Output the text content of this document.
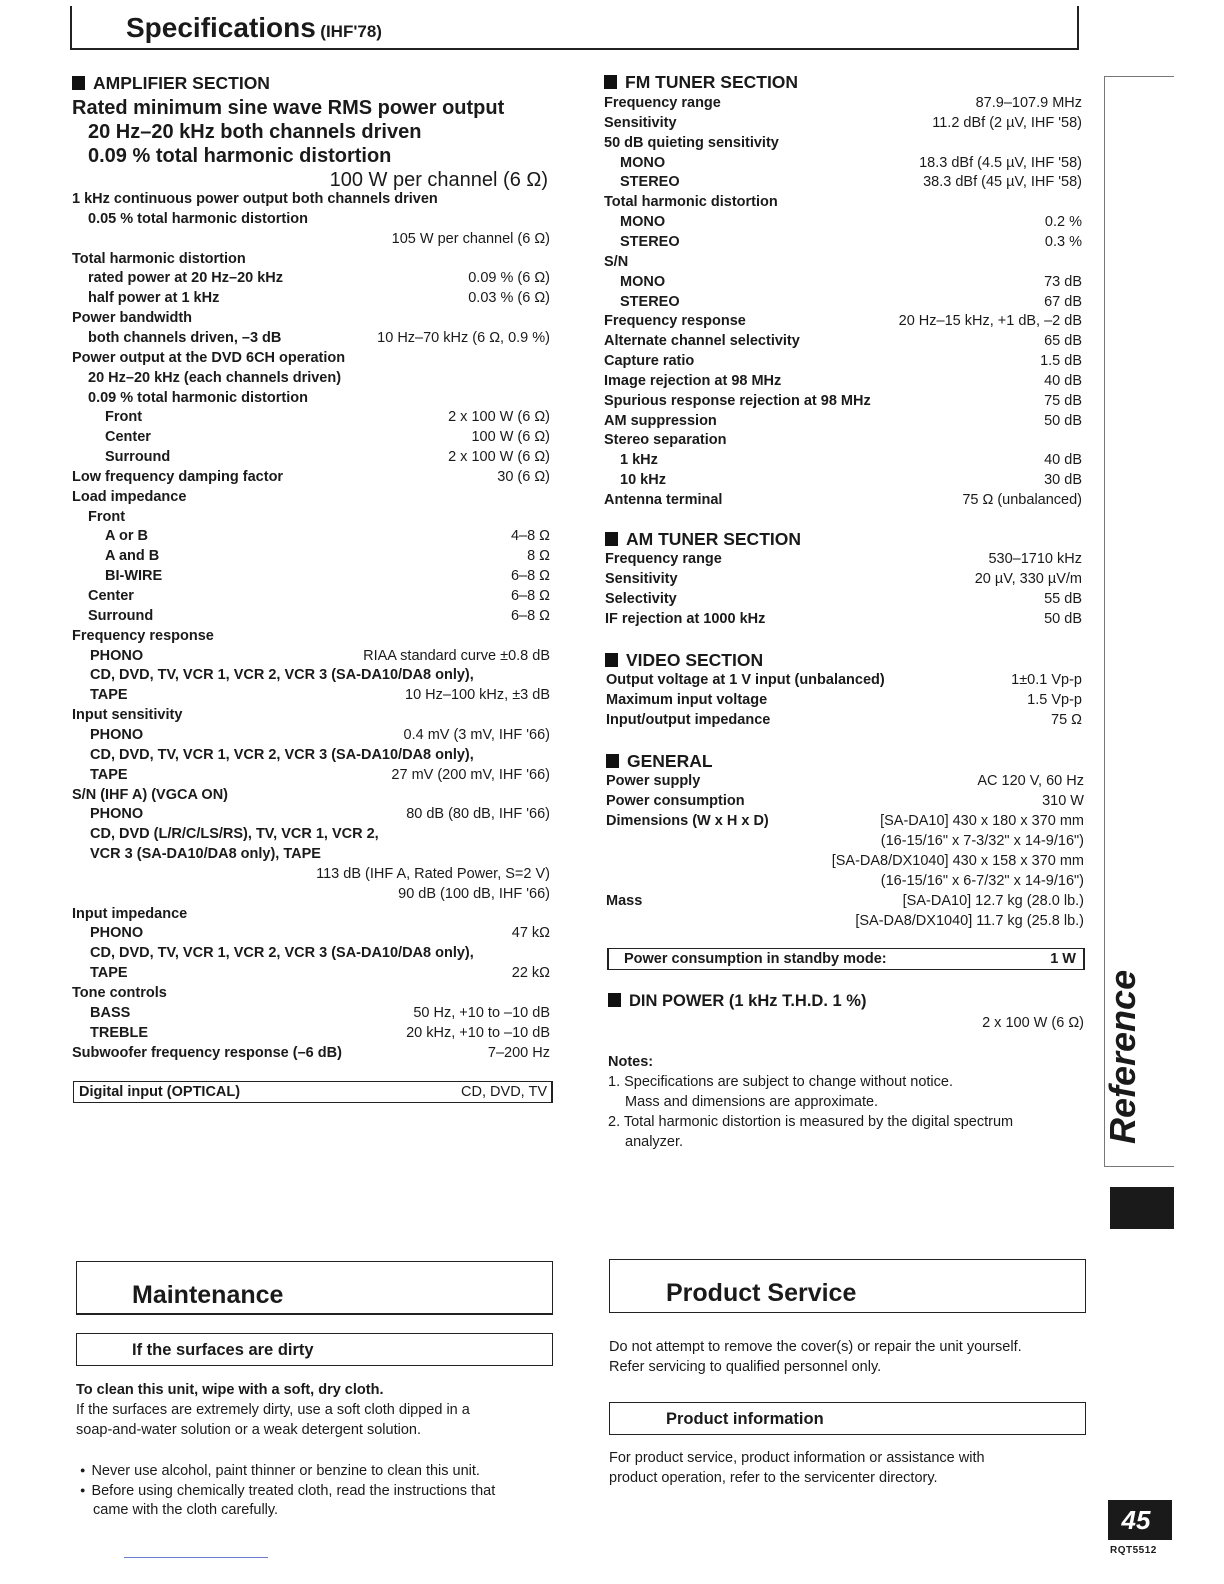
Specifications (IHF'78)
AMPLIFIER SECTION
Rated minimum sine wave RMS power output
20 Hz–20 kHz both channels driven
0.09 % total harmonic distortion
100 W per channel (6 Ω)
1 kHz continuous power output both channels driven
0.05 % total harmonic distortion
105 W per channel (6 Ω)
Total harmonic distortion
rated power at 20 Hz–20 kHz	0.09 % (6 Ω)
half power at 1 kHz	0.03 % (6 Ω)
Power bandwidth
both channels driven, –3 dB	10 Hz–70 kHz (6 Ω, 0.9 %)
Power output at the DVD 6CH operation
20 Hz–20 kHz (each channels driven)
0.09 % total harmonic distortion
Front	2 x 100 W (6 Ω)
Center	100 W (6 Ω)
Surround	2 x 100 W (6 Ω)
Low frequency damping factor	30 (6 Ω)
Load impedance
Front
A or B	4–8 Ω
A and B	8 Ω
BI-WIRE	6–8 Ω
Center	6–8 Ω
Surround	6–8 Ω
Frequency response
PHONO	RIAA standard curve ±0.8 dB
CD, DVD, TV, VCR 1, VCR 2, VCR 3 (SA-DA10/DA8 only),
TAPE	10 Hz–100 kHz, ±3 dB
Input sensitivity
PHONO	0.4 mV (3 mV, IHF '66)
CD, DVD, TV, VCR 1, VCR 2, VCR 3 (SA-DA10/DA8 only),
TAPE	27 mV (200 mV, IHF '66)
S/N (IHF A) (VGCA ON)
PHONO	80 dB (80 dB, IHF '66)
CD, DVD (L/R/C/LS/RS), TV, VCR 1, VCR 2,
VCR 3 (SA-DA10/DA8 only), TAPE
113 dB (IHF A, Rated Power, S=2 V)
90 dB (100 dB, IHF '66)
Input impedance
PHONO	47 kΩ
CD, DVD, TV, VCR 1, VCR 2, VCR 3 (SA-DA10/DA8 only),
TAPE	22 kΩ
Tone controls
BASS	50 Hz, +10 to –10 dB
TREBLE	20 kHz, +10 to –10 dB
Subwoofer frequency response (–6 dB)	7–200 Hz
Digital input (OPTICAL)	CD, DVD, TV
FM TUNER SECTION
Frequency range	87.9–107.9 MHz
Sensitivity	11.2 dBf (2 µV, IHF '58)
50 dB quieting sensitivity
MONO	18.3 dBf (4.5 µV, IHF '58)
STEREO	38.3 dBf (45 µV, IHF '58)
Total harmonic distortion
MONO	0.2 %
STEREO	0.3 %
S/N
MONO	73 dB
STEREO	67 dB
Frequency response	20 Hz–15 kHz, +1 dB, –2 dB
Alternate channel selectivity	65 dB
Capture ratio	1.5 dB
Image rejection at 98 MHz	40 dB
Spurious response rejection at 98 MHz	75 dB
AM suppression	50 dB
Stereo separation
1 kHz	40 dB
10 kHz	30 dB
Antenna terminal	75 Ω (unbalanced)
AM TUNER SECTION
Frequency range	530–1710 kHz
Sensitivity	20 µV, 330 µV/m
Selectivity	55 dB
IF rejection at 1000 kHz	50 dB
VIDEO SECTION
Output voltage at 1 V input (unbalanced)	1±0.1 Vp-p
Maximum input voltage	1.5 Vp-p
Input/output impedance	75 Ω
GENERAL
Power supply	AC 120 V, 60 Hz
Power consumption	310 W
Dimensions (W x H x D)	[SA-DA10] 430 x 180 x 370 mm
(16-15/16" x 7-3/32" x 14-9/16")
[SA-DA8/DX1040] 430 x 158 x 370 mm
(16-15/16" x 6-7/32" x 14-9/16")
Mass	[SA-DA10] 12.7 kg (28.0 lb.)
[SA-DA8/DX1040] 11.7 kg (25.8 lb.)
Power consumption in standby mode:	1 W
DIN POWER (1 kHz T.H.D. 1 %)
2 x 100 W (6 Ω)
Notes:
1. Specifications are subject to change without notice.
Mass and dimensions are approximate.
2. Total harmonic distortion is measured by the digital spectrum
analyzer.	Reference
Maintenance
If the surfaces are dirty
To clean this unit, wipe with a soft, dry cloth.
If the surfaces are extremely dirty, use a soft cloth dipped in a
soap-and-water solution or a weak detergent solution.
● Never use alcohol, paint thinner or benzine to clean this unit.
● Before using chemically treated cloth, read the instructions that
came with the cloth carefully.
Product Service
Do not attempt to remove the cover(s) or repair the unit yourself.
Refer servicing to qualified personnel only.
Product information
For product service, product information or assistance with
product operation, refer to the servicenter directory.
45
RQT5512
